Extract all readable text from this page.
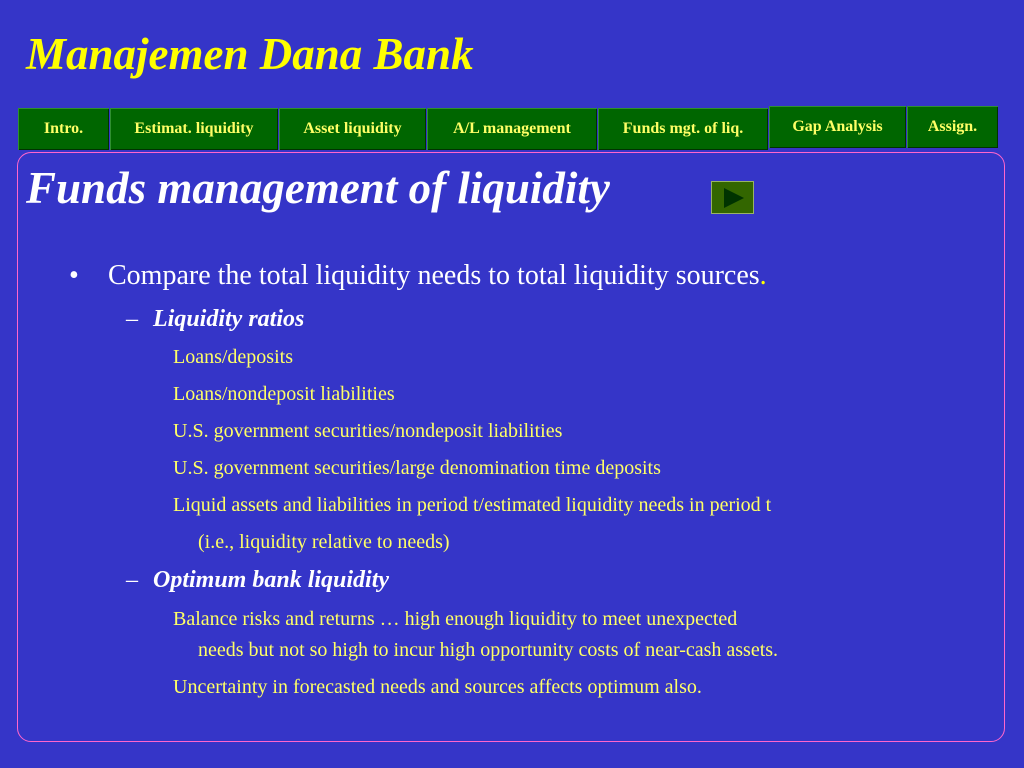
Manajemen Dana Bank
Intro.	Estimat. liquidity	Asset liquidity	A/L management	Funds mgt. of liq.	Gap Analysis	Assign.
Funds management of liquidity
• Compare the total liquidity needs to total liquidity sources.
– Liquidity ratios
Loans/deposits
Loans/nondeposit liabilities
U.S. government securities/nondeposit liabilities
U.S. government securities/large denomination time deposits
Liquid assets and liabilities in period t/estimated liquidity needs in period t
(i.e., liquidity relative to needs)
– Optimum bank liquidity
Balance risks and returns … high enough liquidity to meet unexpected
needs but not so high to incur high opportunity costs of near-cash assets.
Uncertainty in forecasted needs and sources affects optimum also.
